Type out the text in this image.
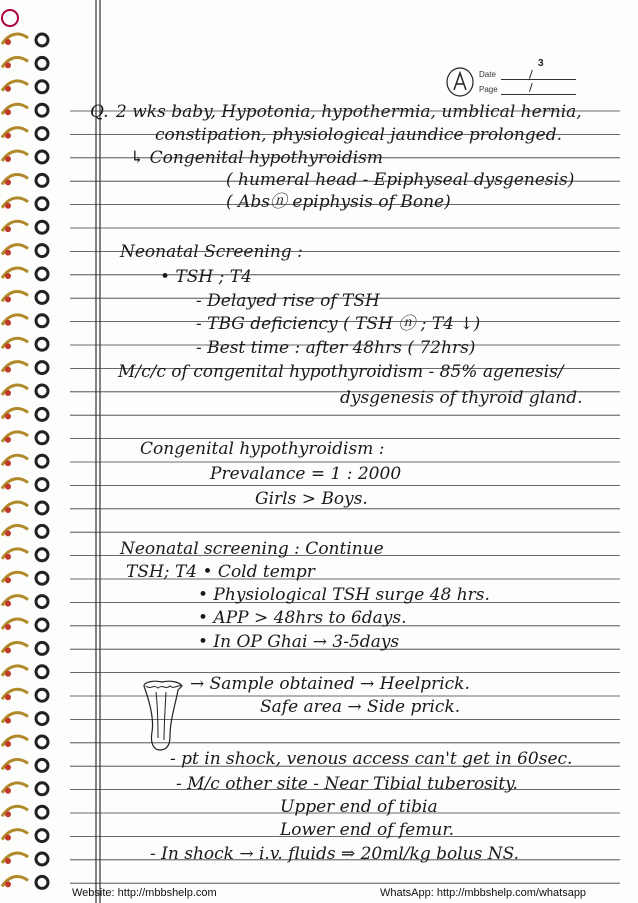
3
Date
Page
/ /
Q. 2 wks baby, Hypotonia, hypothermia, umblical hernia,
constipation, physiological jaundice prolonged.
↳ Congenital hypothyroidism
( humeral head - Epiphyseal dysgenesis)
( Absⓝ epiphysis of Bone)
Neonatal Screening :
• TSH ; T4
- Delayed rise of TSH
- TBG deficiency ( TSH ⓝ ; T4 ↓)
- Best time : after 48hrs ( 72hrs)
M/c/c of congenital hypothyroidism - 85% agenesis/
dysgenesis of thyroid gland.
Congenital hypothyroidism :
Prevalance = 1 : 2000
Girls > Boys.
Neonatal screening : Continue
TSH; T4 • Cold tempr
• Physiological TSH surge 48 hrs.
• APP > 48hrs to 6days.
• In OP Ghai → 3-5days
→ Sample obtained → Heelprick.
Safe area → Side prick.
- pt in shock, venous access can't get in 60sec.
- M/c other site - Near Tibial tuberosity.
Upper end of tibia
Lower end of femur.
- In shock → i.v. fluids ⇒ 20ml/kg bolus NS.
Website: http://mbbshelp.com	WhatsApp: http://mbbshelp.com/whatsapp
